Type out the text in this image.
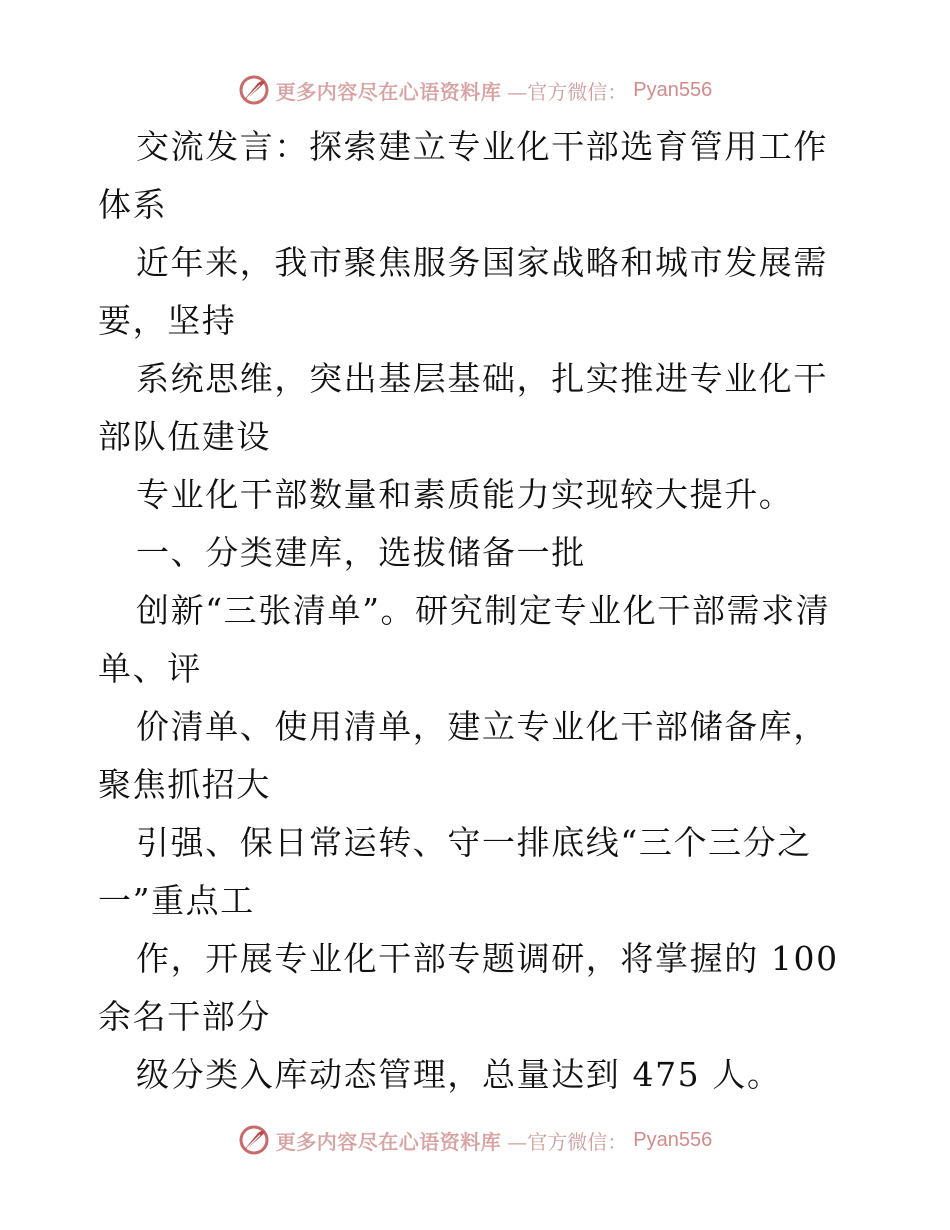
更多内容尽在心语资料库 —官方微信： Pyan556

交流发言：探索建立专业化干部选育管用工作体系

近年来，我市聚焦服务国家战略和城市发展需要，坚持

系统思维，突出基层基础，扎实推进专业化干部队伍建设

专业化干部数量和素质能力实现较大提升。

一、分类建库，选拔储备一批

创新“三张清单”。研究制定专业化干部需求清单、评

价清单、使用清单，建立专业化干部储备库，聚焦抓招大

引强、保日常运转、守一排底线“三个三分之一”重点工

作，开展专业化干部专题调研，将掌握的 100 余名干部分

级分类入库动态管理，总量达到 475 人。

更多内容尽在心语资料库 —官方微信： Pyan556
